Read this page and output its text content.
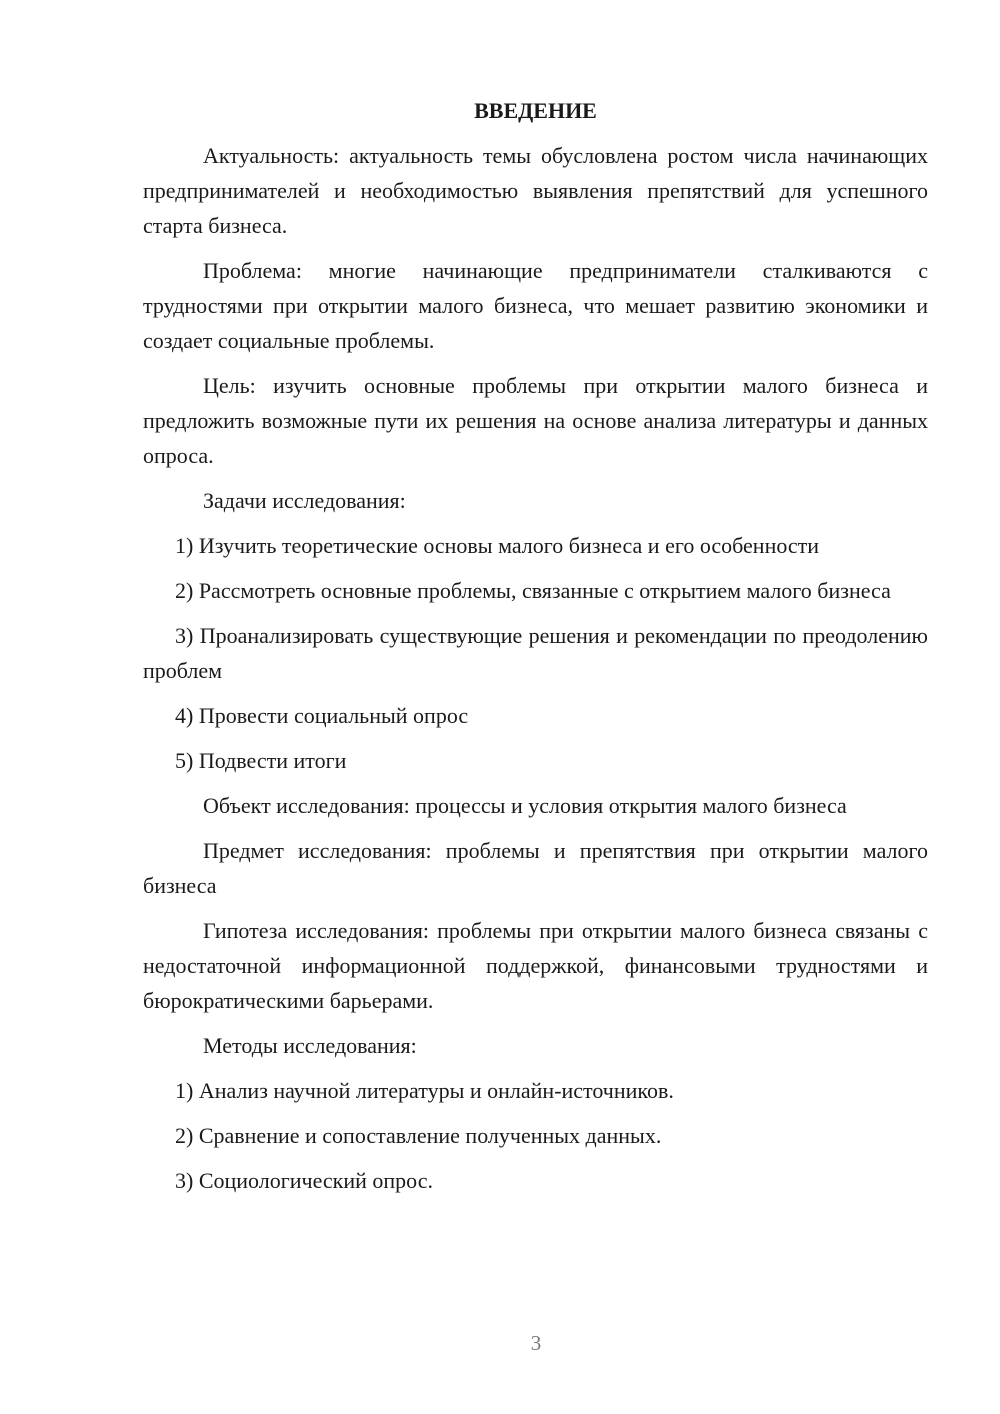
ВВЕДЕНИЕ

Актуальность: актуальность темы обусловлена ростом числа начинающих предпринимателей и необходимостью выявления препятствий для успешного старта бизнеса.

Проблема: многие начинающие предприниматели сталкиваются с трудностями при открытии малого бизнеса, что мешает развитию экономики и создает социальные проблемы.

Цель: изучить основные проблемы при открытии малого бизнеса и предложить возможные пути их решения на основе анализа литературы и данных опроса.

Задачи исследования:

1) Изучить теоретические основы малого бизнеса и его особенности

2) Рассмотреть основные проблемы, связанные с открытием малого бизнеса

3) Проанализировать существующие решения и рекомендации по преодолению проблем

4) Провести социальный опрос

5) Подвести итоги

Объект исследования: процессы и условия открытия малого бизнеса

Предмет исследования: проблемы и препятствия при открытии малого бизнеса

Гипотеза исследования: проблемы при открытии малого бизнеса связаны с недостаточной информационной поддержкой, финансовыми трудностями и бюрократическими барьерами.

Методы исследования:

1) Анализ научной литературы и онлайн-источников.

2) Сравнение и сопоставление полученных данных.

3) Социологический опрос.

3
